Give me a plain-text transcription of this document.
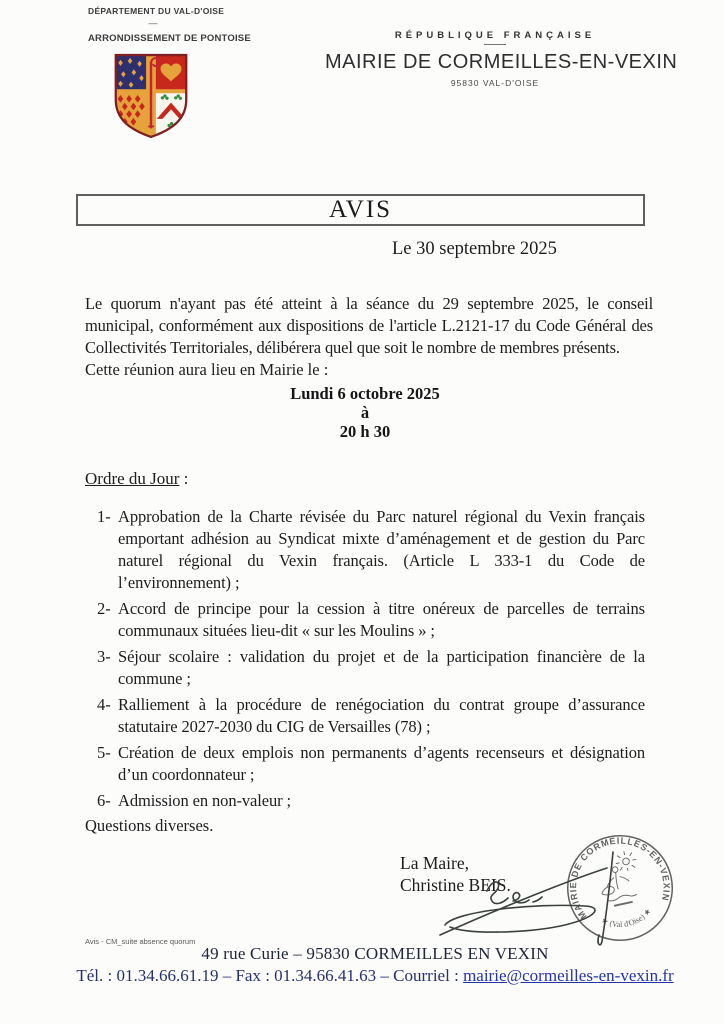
DÉPARTEMENT DU VAL-D'OISE
—
ARRONDISSEMENT DE PONTOISE	RÉPUBLIQUE FRANÇAISE
MAIRIE DE CORMEILLES-EN-VEXIN
95830 VAL-D'OISE
AVIS
Le 30 septembre 2025
Le quorum n'ayant pas été atteint à la séance du 29 septembre 2025, le conseil municipal, conformément aux dispositions de l'article L.2121-17 du Code Général des Collectivités Territoriales, délibérera quel que soit le nombre de membres présents.
Cette réunion aura lieu en Mairie le :
Lundi 6 octobre 2025
à
20 h 30
Ordre du Jour :
1- Approbation de la Charte révisée du Parc naturel régional du Vexin français emportant adhésion au Syndicat mixte d’aménagement et de gestion du Parc naturel régional du Vexin français. (Article L 333-1 du Code de l’environnement) ;
2- Accord de principe pour la cession à titre onéreux de parcelles de terrains communaux situées lieu-dit « sur les Moulins » ;
3- Séjour scolaire : validation du projet et de la participation financière de la commune ;
4- Ralliement à la procédure de renégociation du contrat groupe d’assurance statutaire 2027-2030 du CIG de Versailles (78) ;
5- Création de deux emplois non permanents d’agents recenseurs et désignation d’un coordonnateur ;
6- Admission en non-valeur ;
Questions diverses.
La Maire,
Christine BEIS.
MAIRIE DE CORMEILLES-EN-VEXIN
★ (Val d'Oise) ★
Avis - CM_suite absence quorum
49 rue Curie – 95830 CORMEILLES EN VEXIN
Tél. : 01.34.66.61.19 – Fax : 01.34.66.41.63 – Courriel : mairie@cormeilles-en-vexin.fr
